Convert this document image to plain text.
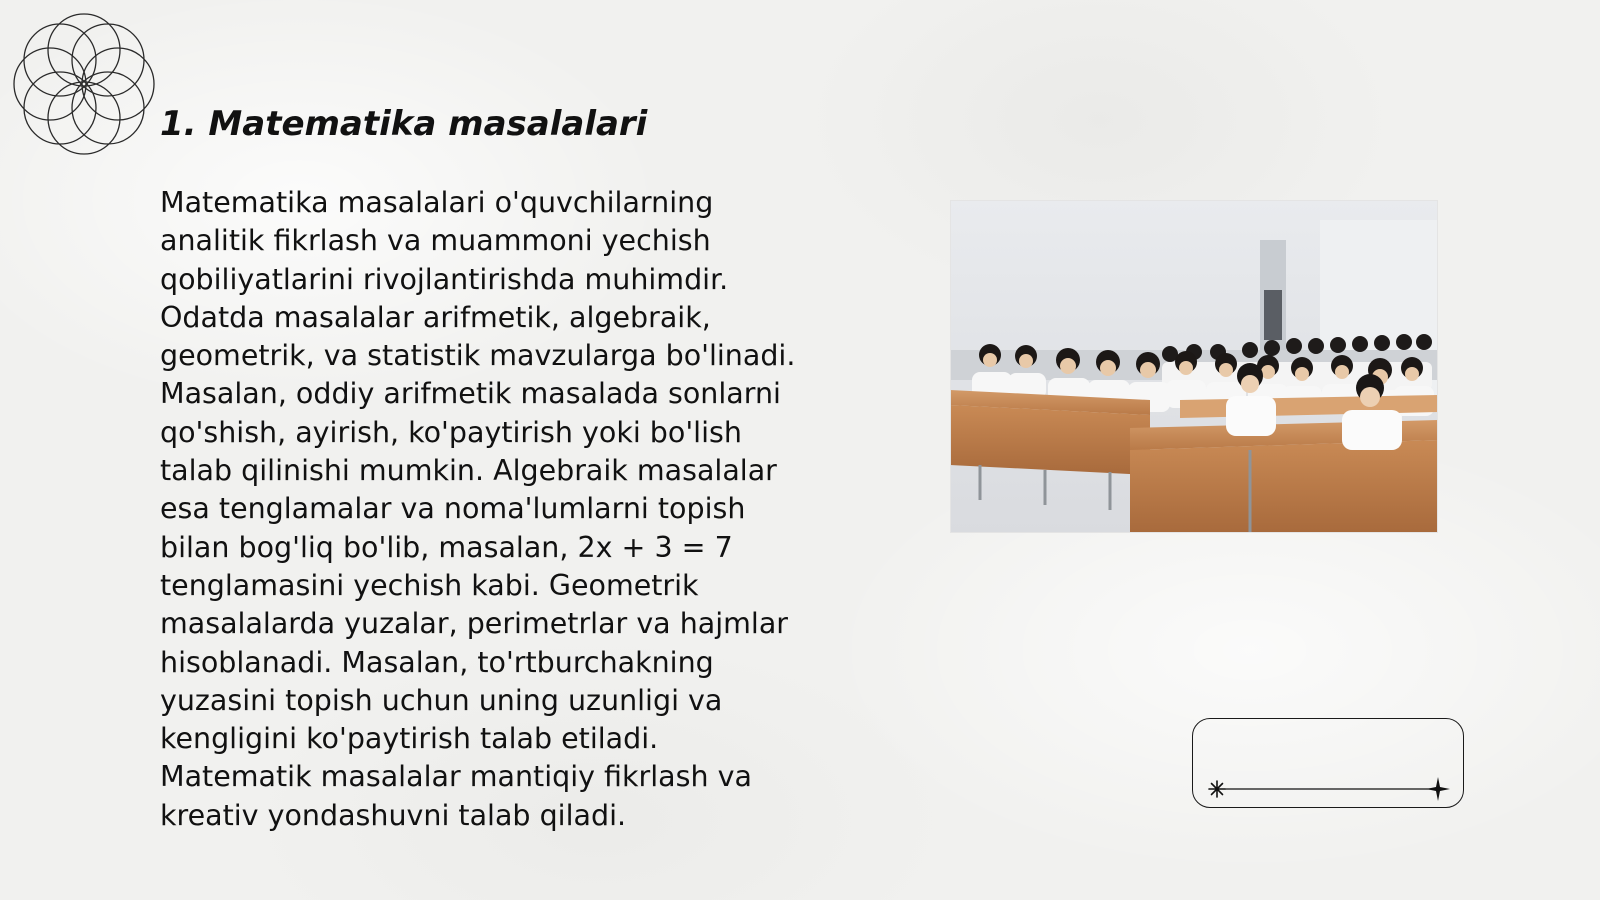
1. Matematika masalalari
Matematika masalalari o'quvchilarning
analitik fikrlash va muammoni yechish
qobiliyatlarini rivojlantirishda muhimdir.
Odatda masalalar arifmetik, algebraik,
geometrik, va statistik mavzularga bo'linadi.
Masalan, oddiy arifmetik masalada sonlarni
qo'shish, ayirish, ko'paytirish yoki bo'lish
talab qilinishi mumkin. Algebraik masalalar
esa tenglamalar va noma'lumlarni topish
bilan bog'liq bo'lib, masalan, 2x + 3 = 7
tenglamasini yechish kabi. Geometrik
masalalarda yuzalar, perimetrlar va hajmlar
hisoblanadi. Masalan, to'rtburchakning
yuzasini topish uchun uning uzunligi va
kengligini ko'paytirish talab etiladi.
Matematik masalalar mantiqiy fikrlash va
kreativ yondashuvni talab qiladi.
